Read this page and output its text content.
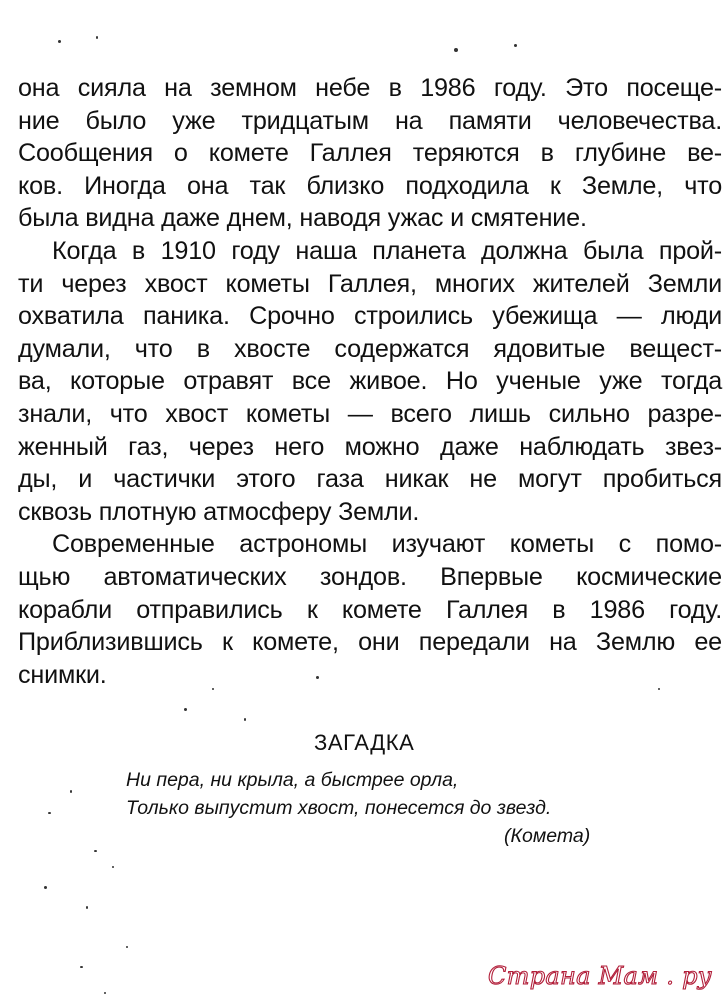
она сияла на земном небе в 1986 году. Это посеще-
ние было уже тридцатым на памяти человечества.
Сообщения о комете Галлея теряются в глубине ве-
ков. Иногда она так близко подходила к Земле, что
была видна даже днем, наводя ужас и смятение.

Когда в 1910 году наша планета должна была прой-
ти через хвост кометы Галлея, многих жителей Земли
охватила паника. Срочно строились убежища — люди
думали, что в хвосте содержатся ядовитые вещест-
ва, которые отравят все живое. Но ученые уже тогда
знали, что хвост кометы — всего лишь сильно разре-
женный газ, через него можно даже наблюдать звез-
ды, и частички этого газа никак не могут пробиться
сквозь плотную атмосферу Земли.

Современные астрономы изучают кометы с помо-
щью автоматических зондов. Впервые космические
корабли отправились к комете Галлея в 1986 году.
Приблизившись к комете, они передали на Землю ее
снимки.

ЗАГАДКА
Ни пера, ни крыла, а быстрее орла,
Только выпустит хвост, понесется до звезд.
(Комета)
Страна Мам . ру
